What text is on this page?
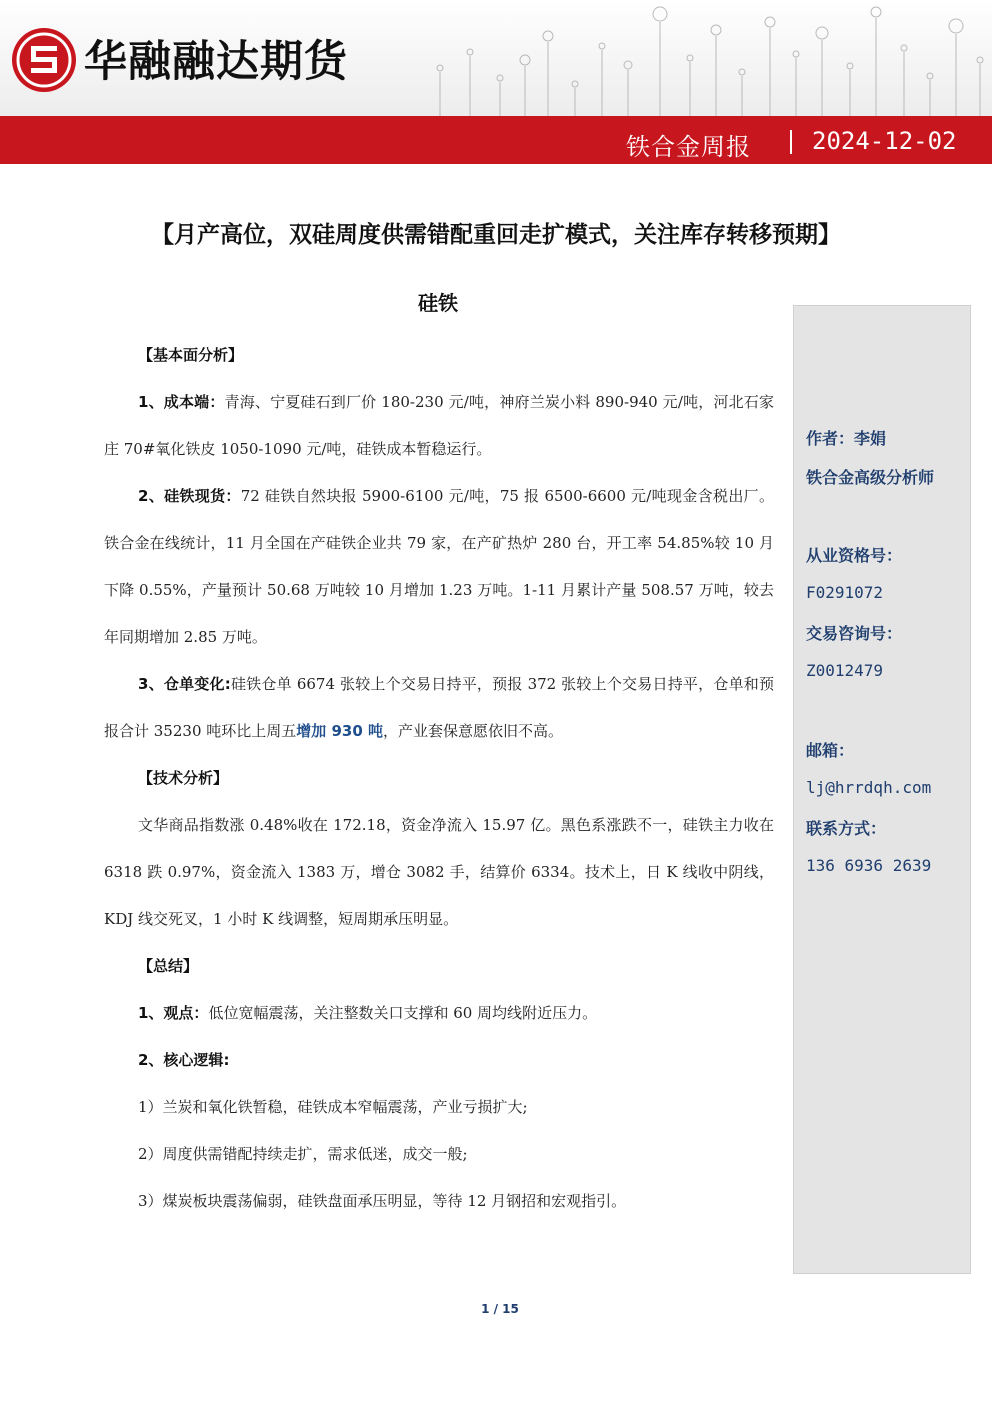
华融融达期货
铁合金周报	2024-12-02
【月产高位，双硅周度供需错配重回走扩模式，关注库存转移预期】
硅铁

【基本面分析】

1、成本端：青海、宁夏硅石到厂价 180-230 元/吨，神府兰炭小料 890-940 元/吨，河北石家庄 70#氧化铁皮 1050-1090 元/吨，硅铁成本暂稳运行。

2、硅铁现货：72 硅铁自然块报 5900-6100 元/吨，75 报 6500-6600 元/吨现金含税出厂。铁合金在线统计，11 月全国在产硅铁企业共 79 家，在产矿热炉 280 台，开工率 54.85%较 10 月下降 0.55%，产量预计 50.68 万吨较 10 月增加 1.23 万吨。1-11 月累计产量 508.57 万吨，较去年同期增加 2.85 万吨。

3、仓单变化:硅铁仓单 6674 张较上个交易日持平，预报 372 张较上个交易日持平，仓单和预报合计 35230 吨环比上周五增加 930 吨，产业套保意愿依旧不高。

【技术分析】

文华商品指数涨 0.48%收在 172.18，资金净流入 15.97 亿。黑色系涨跌不一，硅铁主力收在 6318 跌 0.97%，资金流入 1383 万，增仓 3082 手，结算价 6334。技术上，日 K 线收中阴线，KDJ 线交死叉，1 小时 K 线调整，短周期承压明显。

【总结】

1、观点：低位宽幅震荡，关注整数关口支撑和 60 周均线附近压力。

2、核心逻辑:

1）兰炭和氧化铁暂稳，硅铁成本窄幅震荡，产业亏损扩大;

2）周度供需错配持续走扩，需求低迷，成交一般;

3）煤炭板块震荡偏弱，硅铁盘面承压明显，等待 12 月钢招和宏观指引。

作者：李娟
铁合金高级分析师
从业资格号：
F0291072
交易咨询号：
Z0012479
邮箱：
lj@hrrdqh.com
联系方式：
136 6936 2639
1 / 15
